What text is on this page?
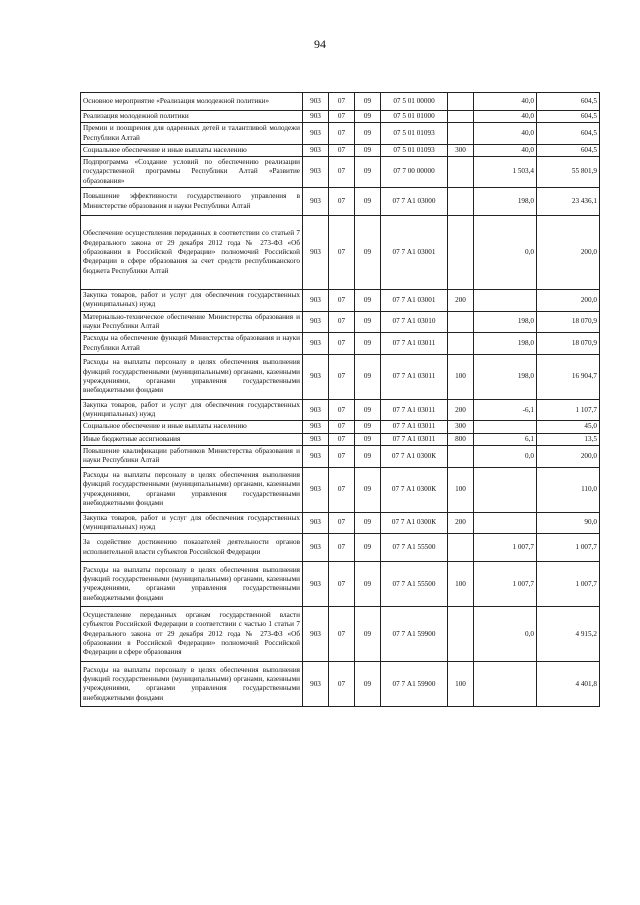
94
Основное мероприятие «Реализация молодежной политики»	903	07	09	07 5 01 00000		40,0	604,5
Реализация молодежной политики	903	07	09	07 5 01 01000		40,0	604,5
Премии и поощрения для одаренных детей и талантливой молодежи Республики Алтай	903	07	09	07 5 01 01093		40,0	604,5
Социальное обеспечение и иные выплаты населению	903	07	09	07 5 01 01093	300	40,0	604,5
Подпрограмма «Создание условий по обеспечению реализации государственной программы Республики Алтай «Развитие образования»	903	07	09	07 7 00 00000		1 503,4	55 801,9
Повышение эффективности государственного управления в Министерстве образования и науки Республики Алтай	903	07	09	07 7 А1 03000		198,0	23 436,1
Обеспечение осуществления переданных в соответствии со статьей 7 Федерального закона от 29 декабря 2012 года № 273-ФЗ «Об образовании в Российской Федерации» полномочий Российской Федерации в сфере образования за счет средств республиканского бюджета Республики Алтай	903	07	09	07 7 А1 03001		0,0	200,0
Закупка товаров, работ и услуг для обеспечения государственных (муниципальных) нужд	903	07	09	07 7 А1 03001	200		200,0
Материально-техническое обеспечение Министерства образования и науки Республики Алтай	903	07	09	07 7 А1 03010		198,0	18 070,9
Расходы на обеспечение функций Министерства образования и науки Республики Алтай	903	07	09	07 7 А1 03011		198,0	18 070,9
Расходы на выплаты персоналу в целях обеспечения выполнения функций государственными (муниципальными) органами, казенными учреждениями, органами управления государственными внебюджетными фондами	903	07	09	07 7 А1 03011	100	198,0	16 904,7
Закупка товаров, работ и услуг для обеспечения государственных (муниципальных) нужд	903	07	09	07 7 А1 03011	200	-6,1	1 107,7
Социальное обеспечение и иные выплаты населению	903	07	09	07 7 А1 03011	300		45,0
Иные бюджетные ассигнования	903	07	09	07 7 А1 03011	800	6,1	13,5
Повышение квалификации работников Министерства образования и науки Республики Алтай	903	07	09	07 7 А1 0300К		0,0	200,0
Расходы на выплаты персоналу в целях обеспечения выполнения функций государственными (муниципальными) органами, казенными учреждениями, органами управления государственными внебюджетными фондами	903	07	09	07 7 А1 0300К	100		110,0
Закупка товаров, работ и услуг для обеспечения государственных (муниципальных) нужд	903	07	09	07 7 А1 0300К	200		90,0
За содействие достижению показателей деятельности органов исполнительной власти субъектов Российской Федерации	903	07	09	07 7 А1 55500		1 007,7	1 007,7
Расходы на выплаты персоналу в целях обеспечения выполнения функций государственными (муниципальными) органами, казенными учреждениями, органами управления государственными внебюджетными фондами	903	07	09	07 7 А1 55500	100	1 007,7	1 007,7
Осуществление переданных органам государственной власти субъектов Российской Федерации в соответствии с частью 1 статьи 7 Федерального закона от 29 декабря 2012 года № 273-ФЗ «Об образовании в Российской Федерации» полномочий Российской Федерации в сфере образования	903	07	09	07 7 А1 59900		0,0	4 915,2
Расходы на выплаты персоналу в целях обеспечения выполнения функций государственными (муниципальными) органами, казенными учреждениями, органами управления государственными внебюджетными фондами	903	07	09	07 7 А1 59900	100		4 401,8
